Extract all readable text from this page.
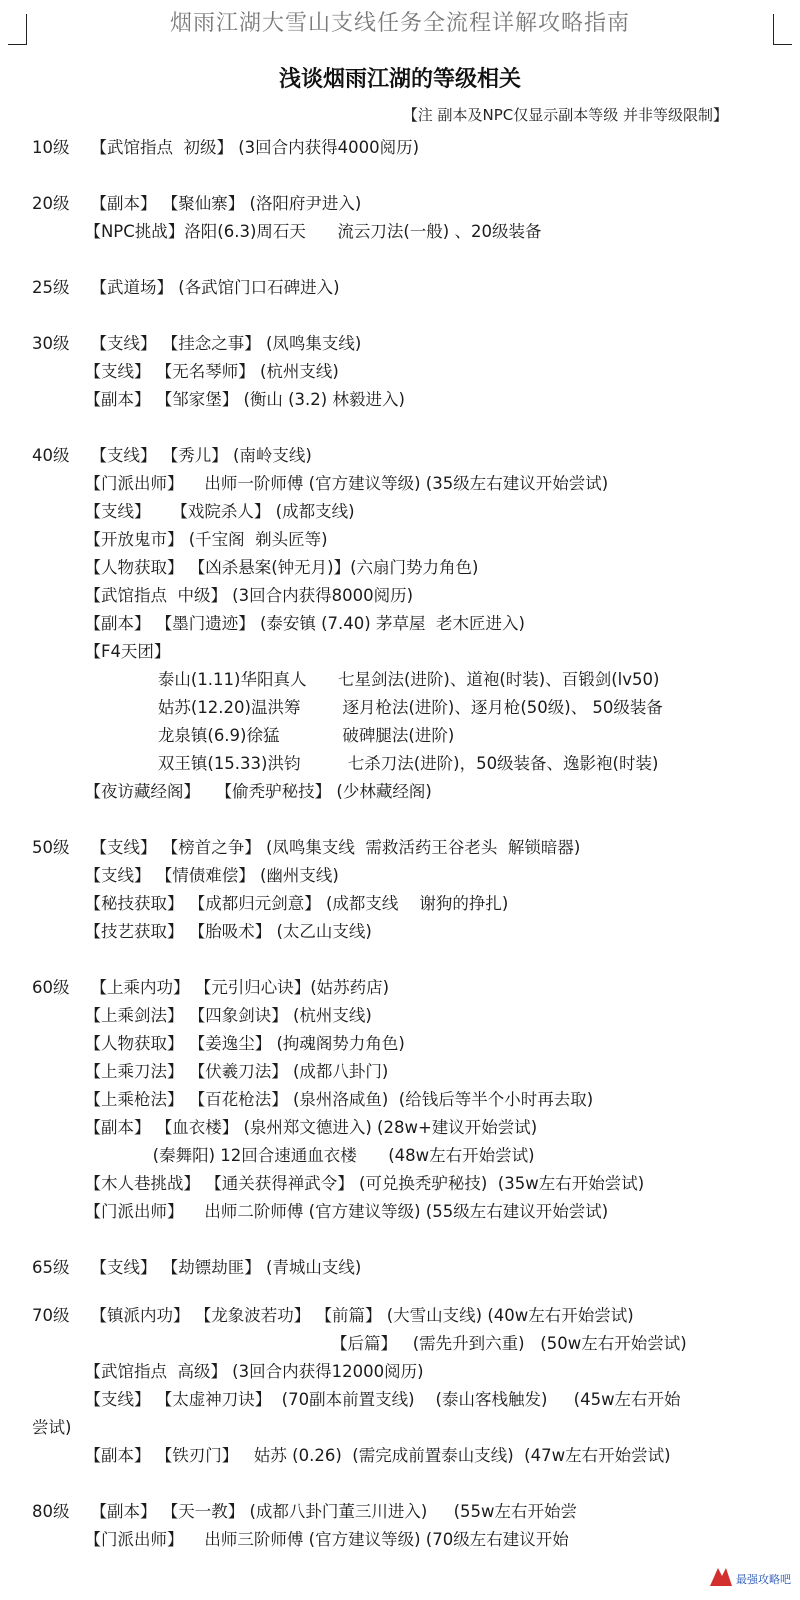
烟雨江湖大雪山支线任务全流程详解攻略指南
浅谈烟雨江湖的等级相关
【注 副本及NPC仅显示副本等级 并非等级限制】
10级    【武馆指点  初级】 (3回合内获得4000阅历)
20级    【副本】 【聚仙寨】 (洛阳府尹进入)
【NPC挑战】洛阳(6.3)周石天      流云刀法(一般) 、20级装备
25级    【武道场】 (各武馆门口石碑进入)
30级    【支线】 【挂念之事】 (凤鸣集支线)
【支线】 【无名琴师】 (杭州支线)
【副本】 【邹家堡】 (衡山 (3.2) 林毅进入)
40级    【支线】 【秀儿】 (南岭支线)
【门派出师】    出师一阶师傅 (官方建议等级) (35级左右建议开始尝试)
【支线】    【戏院杀人】 (成都支线)
【开放鬼市】 (千宝阁  剃头匠等)
【人物获取】 【凶杀悬案(钟无月)】(六扇门势力角色)
【武馆指点  中级】 (3回合内获得8000阅历)
【副本】 【墨门遗迹】 (泰安镇 (7.40) 茅草屋  老木匠进入)
【F4天团】
泰山(1.11)华阳真人      七星剑法(进阶)、道袍(时装)、百锻剑(lv50)
姑苏(12.20)温洪筹        逐月枪法(进阶)、逐月枪(50级)、 50级装备
龙泉镇(6.9)徐猛            破碑腿法(进阶)
双王镇(15.33)洪钧         七杀刀法(进阶)，50级装备、逸影袍(时装)
【夜访藏经阁】   【偷秃驴秘技】 (少林藏经阁)
50级    【支线】 【榜首之争】 (凤鸣集支线  需救活药王谷老头  解锁暗器)
【支线】 【情债难偿】 (幽州支线)
【秘技获取】 【成都归元剑意】 (成都支线    谢狗的挣扎)
【技艺获取】 【胎吸术】 (太乙山支线)
60级    【上乘内功】 【元引归心诀】(姑苏药店)
【上乘剑法】 【四象剑诀】 (杭州支线)
【人物获取】 【姜逸尘】 (拘魂阁势力角色)
【上乘刀法】 【伏羲刀法】 (成都八卦门)
【上乘枪法】 【百花枪法】 (泉州洛咸鱼)  (给钱后等半个小时再去取)
【副本】 【血衣楼】 (泉州郑文德进入) (28w+建议开始尝试)
(秦舞阳) 12回合速通血衣楼      (48w左右开始尝试)
【木人巷挑战】 【通关获得禅武令】 (可兑换秃驴秘技)  (35w左右开始尝试)
【门派出师】    出师二阶师傅 (官方建议等级) (55级左右建议开始尝试)
65级    【支线】 【劫镖劫匪】 (青城山支线)
70级    【镇派内功】 【龙象波若功】 【前篇】 (大雪山支线) (40w左右开始尝试)
【后篇】   (需先升到六重)   (50w左右开始尝试)
【武馆指点  高级】 (3回合内获得12000阅历)
【支线】 【太虚神刀诀】  (70副本前置支线)    (泰山客栈触发)     (45w左右开始
尝试)
【副本】 【铁刃门】   姑苏 (0.26)  (需完成前置泰山支线)  (47w左右开始尝试)
80级    【副本】 【天一教】 (成都八卦门董三川进入)     (55w左右开始尝
【门派出师】    出师三阶师傅 (官方建议等级) (70级左右建议开始
最强攻略吧
